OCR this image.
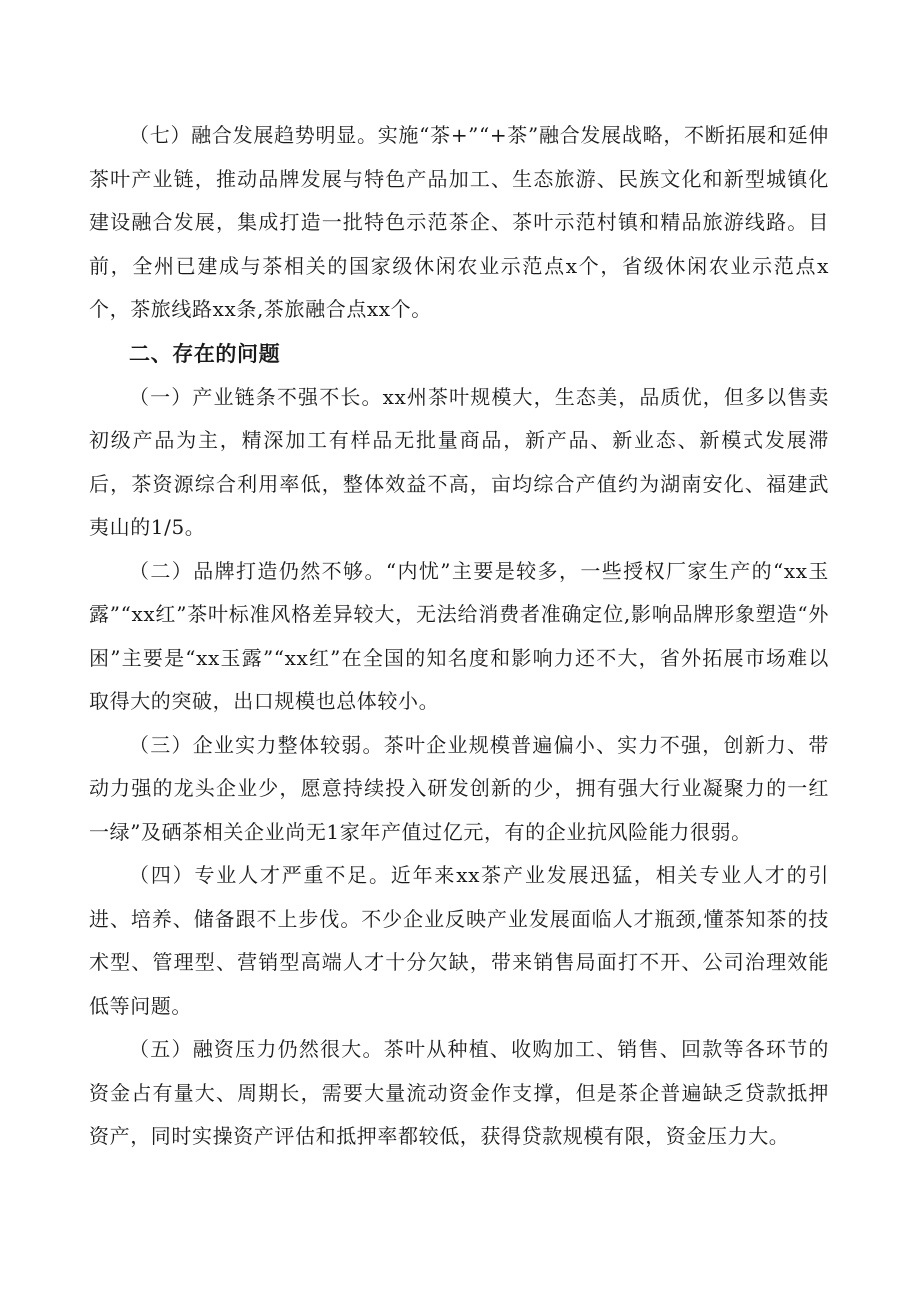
（七）融合发展趋势明显。实施“茶+”“+茶”融合发展战略，不断拓展和延伸茶叶产业链，推动品牌发展与特色产品加工、生态旅游、民族文化和新型城镇化建设融合发展，集成打造一批特色示范茶企、茶叶示范村镇和精品旅游线路。目前，全州已建成与茶相关的国家级休闲农业示范点x个，省级休闲农业示范点x个，茶旅线路xx条,茶旅融合点xx个。

二、存在的问题

（一）产业链条不强不长。xx州茶叶规模大，生态美，品质优，但多以售卖初级产品为主，精深加工有样品无批量商品，新产品、新业态、新模式发展滞后，茶资源综合利用率低，整体效益不高，亩均综合产值约为湖南安化、福建武夷山的1/5。

（二）品牌打造仍然不够。“内忧”主要是较多，一些授权厂家生产的“xx玉露”“xx红”茶叶标准风格差异较大，无法给消费者准确定位,影响品牌形象塑造“外困”主要是“xx玉露”“xx红”在全国的知名度和影响力还不大，省外拓展市场难以取得大的突破，出口规模也总体较小。

（三）企业实力整体较弱。茶叶企业规模普遍偏小、实力不强，创新力、带动力强的龙头企业少，愿意持续投入研发创新的少，拥有强大行业凝聚力的一红一绿”及硒茶相关企业尚无1家年产值过亿元，有的企业抗风险能力很弱。

（四）专业人才严重不足。近年来xx茶产业发展迅猛，相关专业人才的引进、培养、储备跟不上步伐。不少企业反映产业发展面临人才瓶颈,懂茶知茶的技术型、管理型、营销型高端人才十分欠缺，带来销售局面打不开、公司治理效能低等问题。

（五）融资压力仍然很大。茶叶从种植、收购加工、销售、回款等各环节的资金占有量大、周期长，需要大量流动资金作支撑，但是茶企普遍缺乏贷款抵押资产，同时实操资产评估和抵押率都较低，获得贷款规模有限，资金压力大。
